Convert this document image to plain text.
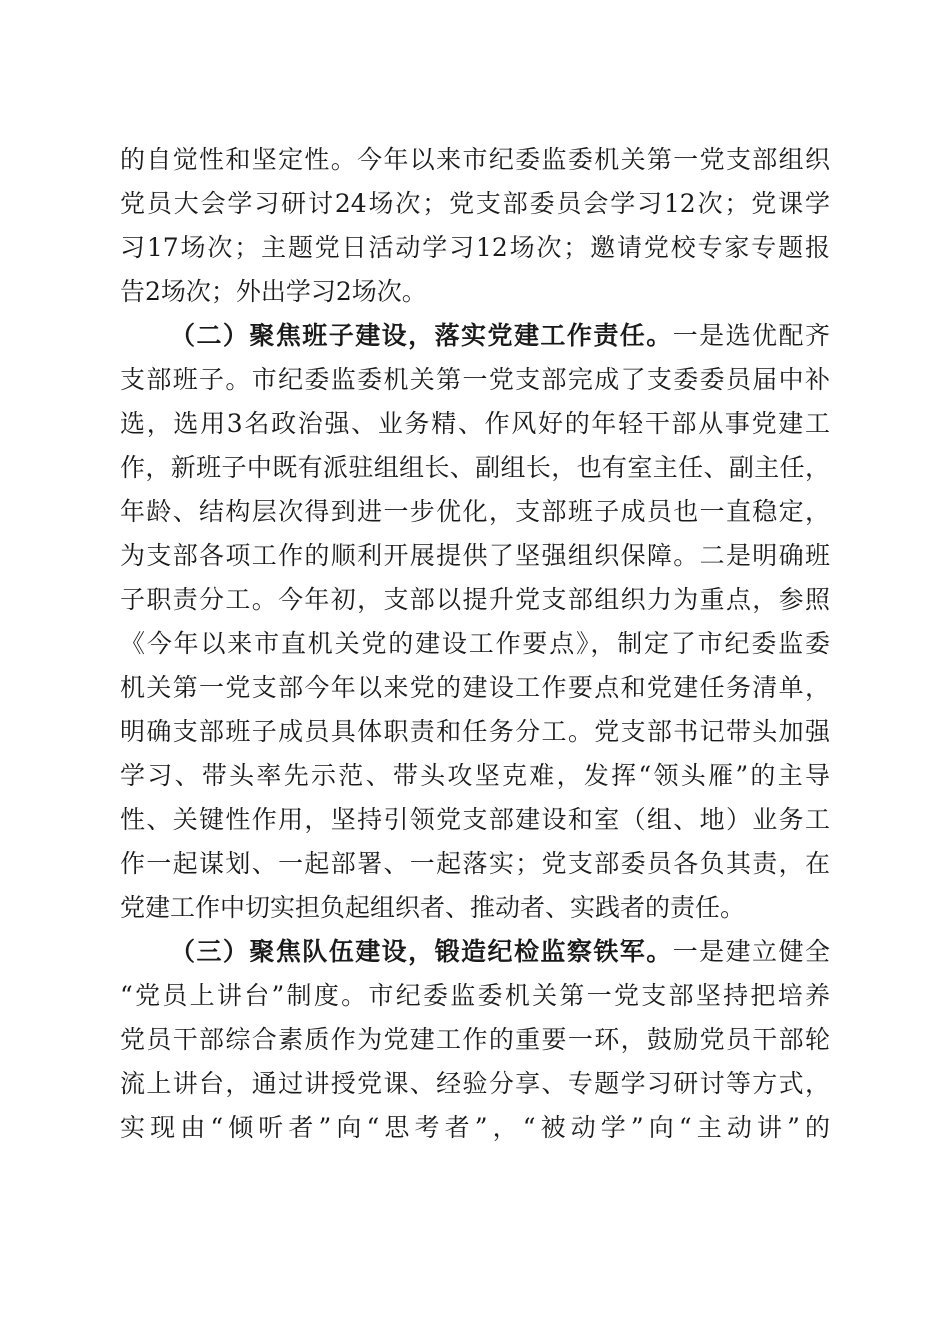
的自觉性和坚定性。今年以来市纪委监委机关第一党支部组织
党员大会学习研讨24场次；党支部委员会学习12次；党课学
习17场次；主题党日活动学习12场次；邀请党校专家专题报
告2场次；外出学习2场次。
（二）聚焦班子建设，落实党建工作责任。一是选优配齐
支部班子。市纪委监委机关第一党支部完成了支委委员届中补
选，选用3名政治强、业务精、作风好的年轻干部从事党建工
作，新班子中既有派驻组组长、副组长，也有室主任、副主任，
年龄、结构层次得到进一步优化，支部班子成员也一直稳定，
为支部各项工作的顺利开展提供了坚强组织保障。二是明确班
子职责分工。今年初，支部以提升党支部组织力为重点，参照
《今年以来市直机关党的建设工作要点》，制定了市纪委监委
机关第一党支部今年以来党的建设工作要点和党建任务清单，
明确支部班子成员具体职责和任务分工。党支部书记带头加强
学习、带头率先示范、带头攻坚克难，发挥“领头雁”的主导
性、关键性作用，坚持引领党支部建设和室（组、地）业务工
作一起谋划、一起部署、一起落实；党支部委员各负其责，在
党建工作中切实担负起组织者、推动者、实践者的责任。
（三）聚焦队伍建设，锻造纪检监察铁军。一是建立健全
“党员上讲台”制度。市纪委监委机关第一党支部坚持把培养
党员干部综合素质作为党建工作的重要一环，鼓励党员干部轮
流上讲台，通过讲授党课、经验分享、专题学习研讨等方式，
实现由“倾听者”向“思考者”，“被动学”向“主动讲”的
